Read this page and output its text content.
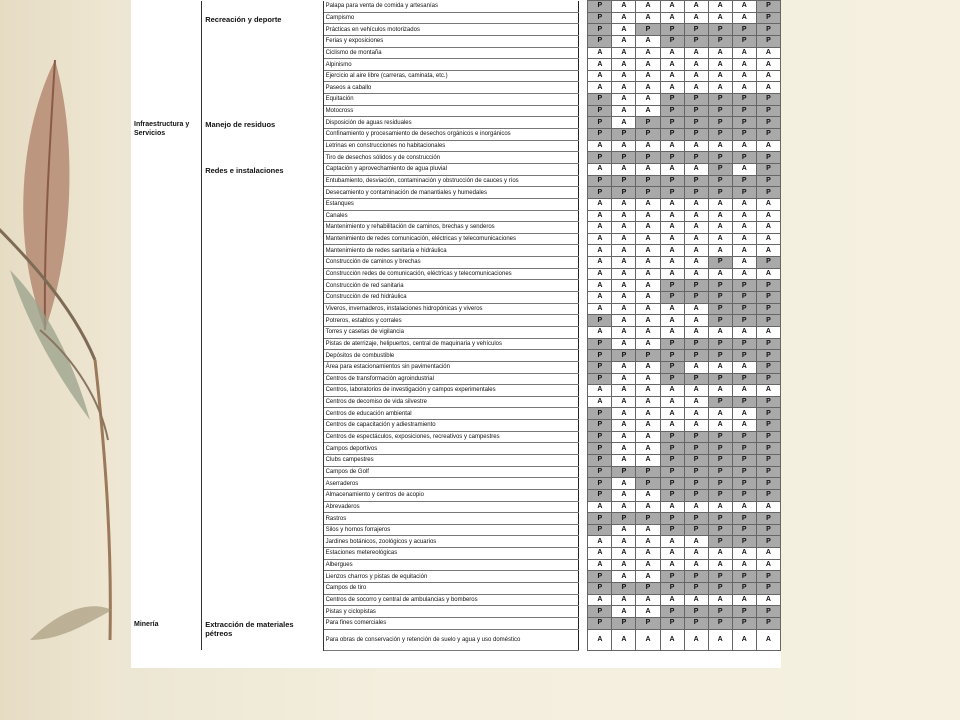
	Palapa para venta de comida y artesanías		P	A	A	A	A	A	A	P

	Recreación y deporte	Campismo		P	A	A	A	A	A	A	P
		Prácticas en vehículos motorizados		P	A	P	P	P	P	P	P
		Ferias y exposiciones		P	A	A	P	P	P	P	P
		Ciclismo de montaña		A	A	A	A	A	A	A	A
		Alpinismo		A	A	A	A	A	A	A	A
		Ejercicio al aire libre (carreras, caminata, etc.)		A	A	A	A	A	A	A	A
		Paseos a caballo		A	A	A	A	A	A	A	A
		Equitación		P	A	A	P	P	P	P	P
		Motocross		P	A	A	P	P	P	P	P

Infraestructura y Servicios	Manejo de residuos	Disposición de aguas residuales		P	A	P	P	P	P	P	P
		Confinamiento y procesamiento de desechos orgánicos e inorgánicos		P	P	P	P	P	P	P	P
		Letrinas en construcciones no habitacionales		A	A	A	A	A	A	A	A
		Tiro de desechos sólidos y de construcción		P	P	P	P	P	P	P	P

	Redes e instalaciones	Captación y aprovechamiento de agua pluvial		A	A	A	A	A	P	A	P
		Entubamiento, desviación, contaminación y obstrucción de cauces y ríos		P	P	P	P	P	P	P	P
		Desecamiento y contaminación de manantiales y humedales		P	P	P	P	P	P	P	P
		Estanques		A	A	A	A	A	A	A	A
		Canales		A	A	A	A	A	A	A	A
		Mantenimiento y rehabilitación de caminos, brechas y senderos		A	A	A	A	A	A	A	A
		Mantenimiento de redes comunicación, eléctricas y telecomunicaciones		A	A	A	A	A	A	A	A
		Mantenimiento de redes sanitaria e hidráulica		A	A	A	A	A	A	A	A
		Construcción de caminos y brechas		A	A	A	A	A	P	A	P
		Construcción redes de comunicación, eléctricas y telecomunicaciones		A	A	A	A	A	A	A	A
		Construcción de red sanitaria		A	A	A	P	P	P	P	P
		Construcción de red hidráulica		A	A	A	P	P	P	P	P
		Viveros, invernaderos, instalaciones hidropónicas y viveros		A	A	A	A	A	P	P	P
		Potreros, establos y corrales		P	A	A	A	A	P	P	P
		Torres y casetas de vigilancia		A	A	A	A	A	A	A	A
		Pistas de aterrizaje, helipuertos, central de maquinaria y vehículos		P	A	A	P	P	P	P	P
		Depósitos de combustible		P	P	P	P	P	P	P	P
		Área para estacionamientos sin pavimentación		P	A	A	P	A	A	A	P
		Centros de transformación agroindustrial		P	A	A	P	P	P	P	P
		Centros, laboratorios de investigación y campos experimentales		A	A	A	A	A	A	A	A
		Centros de decomiso de vida silvestre		A	A	A	A	A	P	P	P
		Centros de educación ambiental		P	A	A	A	A	A	A	P
		Centros de capacitación y adiestramiento		P	A	A	A	A	A	A	P
		Centros de espectáculos, exposiciones, recreativos y campestres		P	A	A	P	P	P	P	P
		Campos deportivos		P	A	A	P	P	P	P	P
		Clubs campestres		P	A	A	P	P	P	P	P
		Campos de Golf		P	P	P	P	P	P	P	P
		Aserraderos		P	A	P	P	P	P	P	P
		Almacenamiento y centros de acopio		P	A	A	P	P	P	P	P
		Abrevaderos		A	A	A	A	A	A	A	A
		Rastros		P	P	P	P	P	P	P	P
		Silos y hornos forrajeros		P	A	A	P	P	P	P	P
		Jardines botánicos, zoológicos y acuarios		A	A	A	A	A	P	P	P
		Estaciones metereológicas		A	A	A	A	A	A	A	A
		Albergues		A	A	A	A	A	A	A	A
		Lienzos charros y pistas de equitación		P	A	A	P	P	P	P	P
		Campos de tiro		P	P	P	P	P	P	P	P
		Centros de socorro y central de ambulancias y bomberos		A	A	A	A	A	A	A	A
		Pistas y ciclopistas		P	A	A	P	P	P	P	P

Minería	Extracción de materiales pétreos	Para fines comerciales		P	P	P	P	P	P	P	P
		Para obras de conservación y retención de suelo y agua y uso doméstico		A	A	A	A	A	A	A	A
